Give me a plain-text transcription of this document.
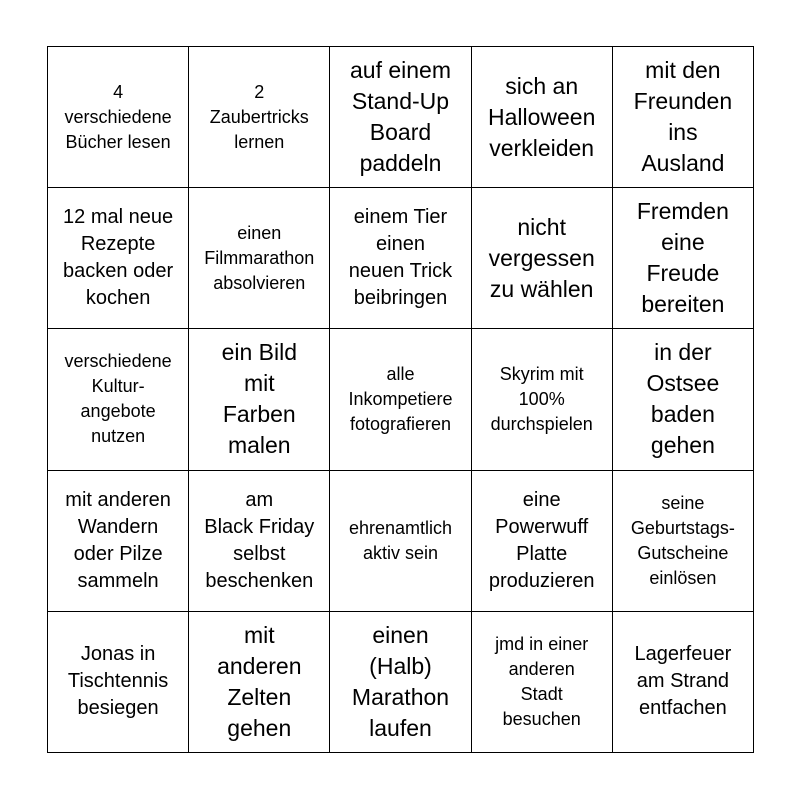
4
verschiedene
Bücher lesen
2
Zaubertricks
lernen
auf einem
Stand-Up
Board
paddeln
sich an
Halloween
verkleiden
mit den
Freunden
ins
Ausland
12 mal neue
Rezepte
backen oder
kochen
einen
Filmmarathon
absolvieren
einem Tier
einen
neuen Trick
beibringen
nicht
vergessen
zu wählen
Fremden
eine
Freude
bereiten
verschiedene
Kultur-
angebote
nutzen
ein Bild
mit
Farben
malen
alle
Inkompetiere
fotografieren
Skyrim mit
100%
durchspielen
in der
Ostsee
baden
gehen
mit anderen
Wandern
oder Pilze
sammeln
am
Black Friday
selbst
beschenken
ehrenamtlich
aktiv sein
eine
Powerwuff
Platte
produzieren
seine
Geburtstags-
Gutscheine
einlösen
Jonas in
Tischtennis
besiegen
mit
anderen
Zelten
gehen
einen
(Halb)
Marathon
laufen
jmd in einer
anderen
Stadt
besuchen
Lagerfeuer
am Strand
entfachen
